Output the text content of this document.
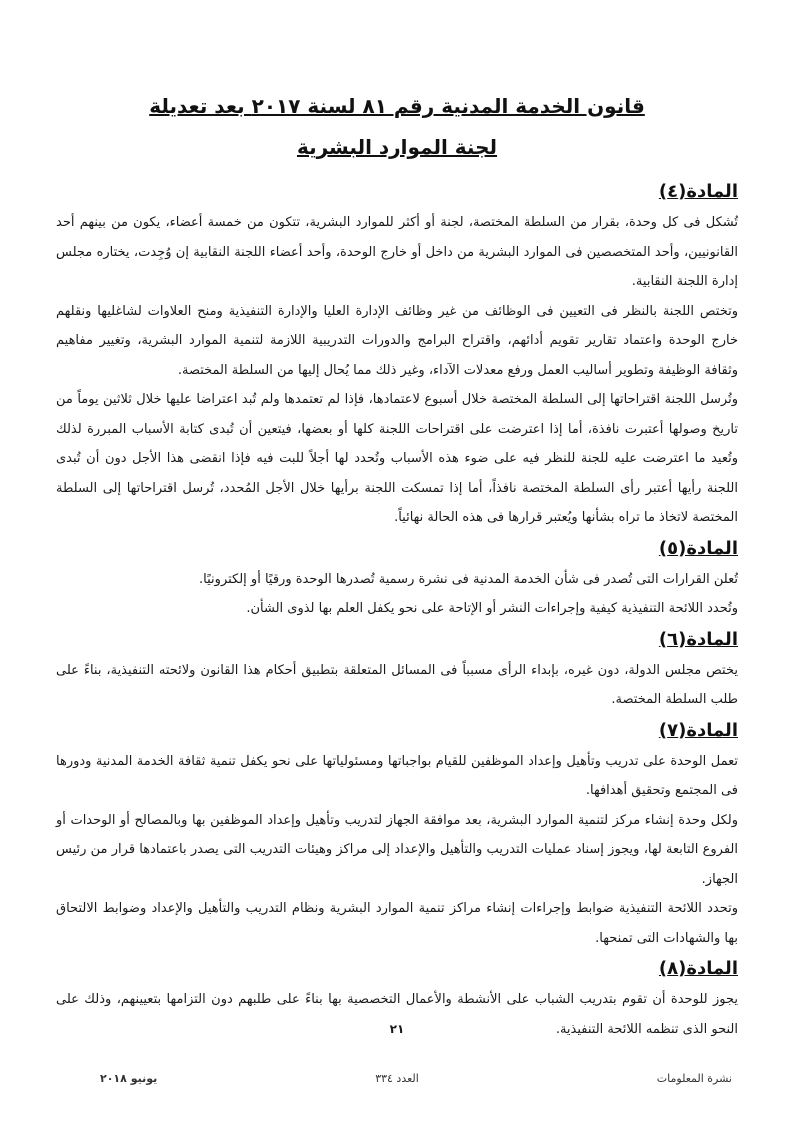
قانون الخدمة المدنية رقم ٨١ لسنة ٢٠١٧ بعد تعديلة
لجنة الموارد البشرية
المادة(٤)

تُشكل فى كل وحدة، بقرار من السلطة المختصة، لجنة أو أكثر للموارد البشرية، تتكون من خمسة أعضاء، يكون من بينهم أحد القانونيين، وأحد المتخصصين فى الموارد البشرية من داخل أو خارج الوحدة، وأحد أعضاء اللجنة النقابية إن وُجِدت، يختاره مجلس إدارة اللجنة النقابية.

وتختص اللجنة بالنظر فى التعيين فى الوظائف من غير وظائف الإدارة العليا والإدارة التنفيذية ومنح العلاوات لشاغليها ونقلهم خارج الوحدة واعتماد تقارير تقويم أدائهم، واقتراح البرامج والدورات التدريبية اللازمة لتنمية الموارد البشرية، وتغيير مفاهيم وثقافة الوظيفة وتطوير أساليب العمل ورفع معدلات الآداء، وغير ذلك مما يُحال إليها من السلطة المختصة.

وتُرسل اللجنة اقتراحاتها إلى السلطة المختصة خلال أسبوع لاعتمادها، فإذا لم تعتمدها ولم تُبد اعتراضا عليها خلال ثلاثين يوماً من تاريخ وصولها أعتبرت نافذة، أما إذا اعترضت على اقتراحات اللجنة كلها أو بعضها، فيتعين أن تُبدى كتابة الأسباب المبررة لذلك وتُعيد ما اعترضت عليه للجنة للنظر فيه على ضوء هذه الأسباب وتُحدد لها أجلاً للبت فيه فإذا انقضى هذا الأجل دون أن تُبدى اللجنة رأيها أعتبر رأى السلطة المختصة نافذاً، أما إذا تمسكت اللجنة برأيها خلال الأجل المُحدد، تُرسل اقتراحاتها إلى السلطة المختصة لاتخاذ ما تراه بشأنها ويُعتبر قرارها فى هذه الحالة نهائياً.

المادة(٥)

تُعلن القرارات التى تُصدر فى شأن الخدمة المدنية فى نشرة رسمية تُصدرها الوحدة ورقيًا أو إلكترونيًا.

وتُحدد اللائحة التنفيذية كيفية وإجراءات النشر أو الإتاحة على نحو يكفل العلم بها لذوى الشأن.

المادة(٦)

يختص مجلس الدولة، دون غيره، بإبداء الرأى مسبباً فى المسائل المتعلقة بتطبيق أحكام هذا القانون ولائحته التنفيذية، بناءً على طلب السلطة المختصة.

المادة(٧)

تعمل الوحدة على تدريب وتأهيل وإعداد الموظفين للقيام بواجباتها ومسئولياتها على نحو يكفل تنمية ثقافة الخدمة المدنية ودورها فى المجتمع وتحقيق أهدافها.

ولكل وحدة إنشاء مركز لتنمية الموارد البشرية، بعد موافقة الجهاز لتدريب وتأهيل وإعداد الموظفين بها وبالمصالح أو الوحدات أو الفروع التابعة لها، ويجوز إسناد عمليات التدريب والتأهيل والإعداد إلى مراكز وهيئات التدريب التى يصدر باعتمادها قرار من رئيس الجهاز.

وتحدد اللائحة التنفيذية ضوابط وإجراءات إنشاء مراكز تنمية الموارد البشرية ونظام التدريب والتأهيل والإعداد وضوابط الالتحاق بها والشهادات التى تمنحها.

المادة(٨)

يجوز للوحدة أن تقوم بتدريب الشباب على الأنشطة والأعمال التخصصية بها بناءً على طلبهم دون التزامها بتعيينهم، وذلك على النحو الذى تنظمه اللائحة التنفيذية.

٢١
نشرة المعلومات
العدد ٣٣٤
يونيو ٢٠١٨
